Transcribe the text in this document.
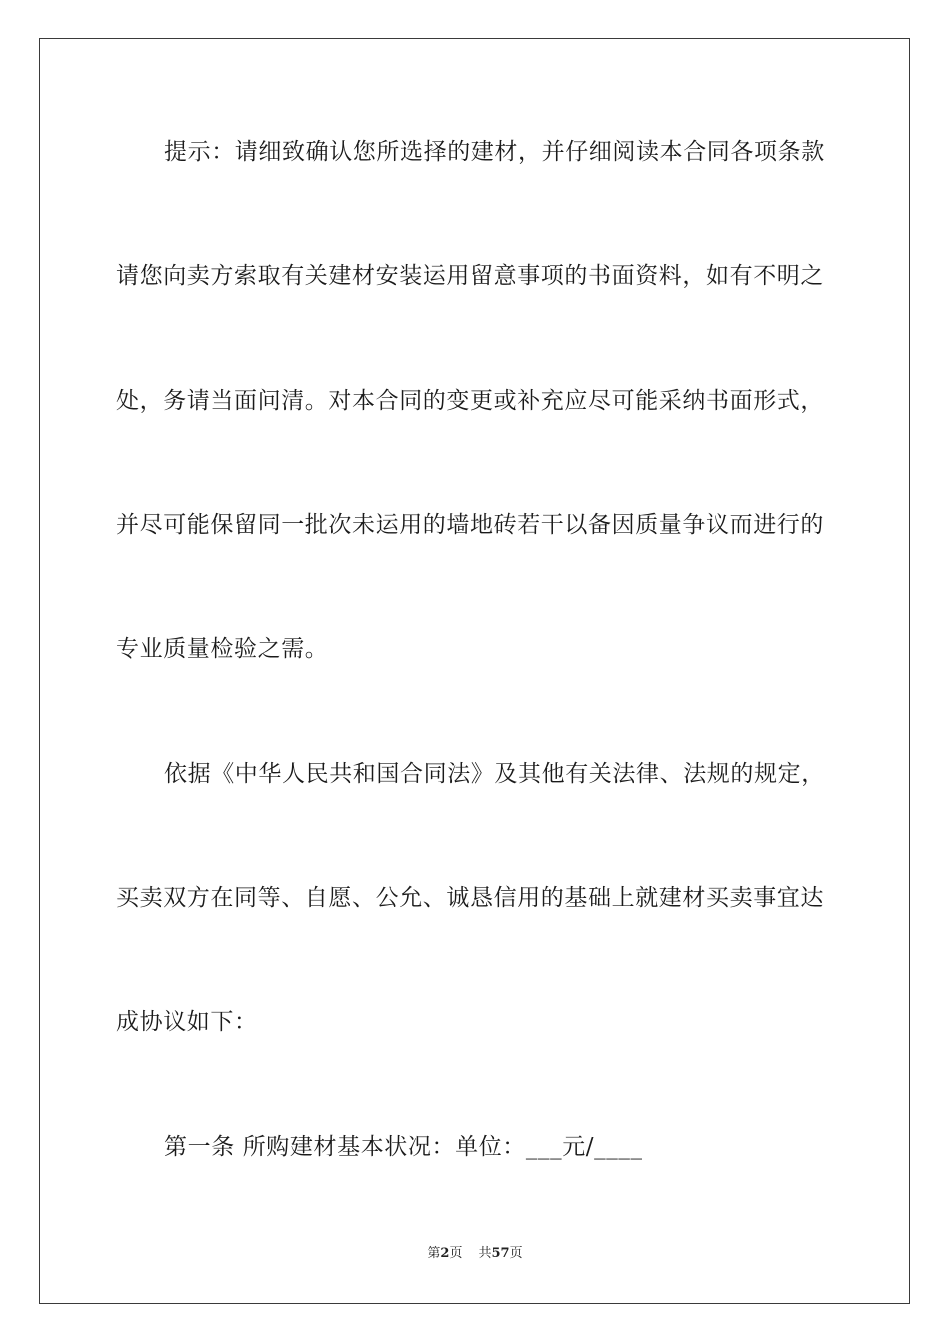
提示：请细致确认您所选择的建材，并仔细阅读本合同各项条款
请您向卖方索取有关建材安装运用留意事项的书面资料，如有不明之
处，务请当面问清。对本合同的变更或补充应尽可能采纳书面形式，
并尽可能保留同一批次未运用的墙地砖若干以备因质量争议而进行的
专业质量检验之需。
依据《中华人民共和国合同法》及其他有关法律、法规的规定，
买卖双方在同等、自愿、公允、诚恳信用的基础上就建材买卖事宜达
成协议如下：
第一条 所购建材基本状况：单位：___元/____
第2页 共57页
